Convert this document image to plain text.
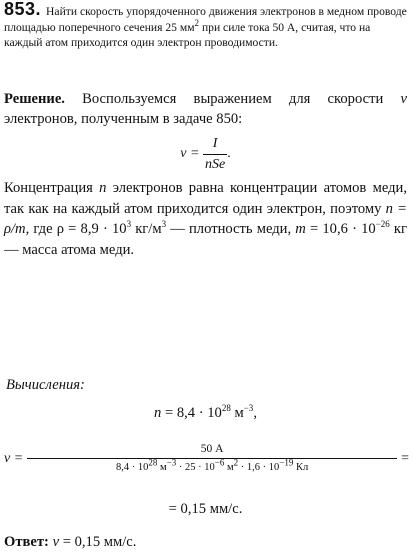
853. Найти скорость упорядоченного движения электронов в медном проводе площадью поперечного сечения 25 $мм^2$ при силе тока 50 А, считая, что на каждый атом приходится один электрон проводимости.
Решение. Воспользуемся выражением для скорости v электронов, полученным в задаче 850:
$v = \frac{I}{\text{nSe}}$ .
Концентрация n электронов равна концентрации атомов меди, так как на каждый атом приходится один электрон, поэтому n = ρ/m, где $\rho = 8,9 \cdot 10^3$ $кг/м^3$ — плотность меди, $m = 10,6 \cdot 10^{-26}$ кг — масса атома меди.
Вычисления:
$n = 8,4 \cdot 10^{28}$ $м^{-3}$,
$v = \frac{50 А}{8,4 \cdot 10^{28} м^{-3} \cdot 25 \cdot 10^{-6} м^2 \cdot 1,6 \cdot 10^{-19} Кл}$ =
= 0,15 мм/с.
Ответ: v = 0,15 мм/с.
